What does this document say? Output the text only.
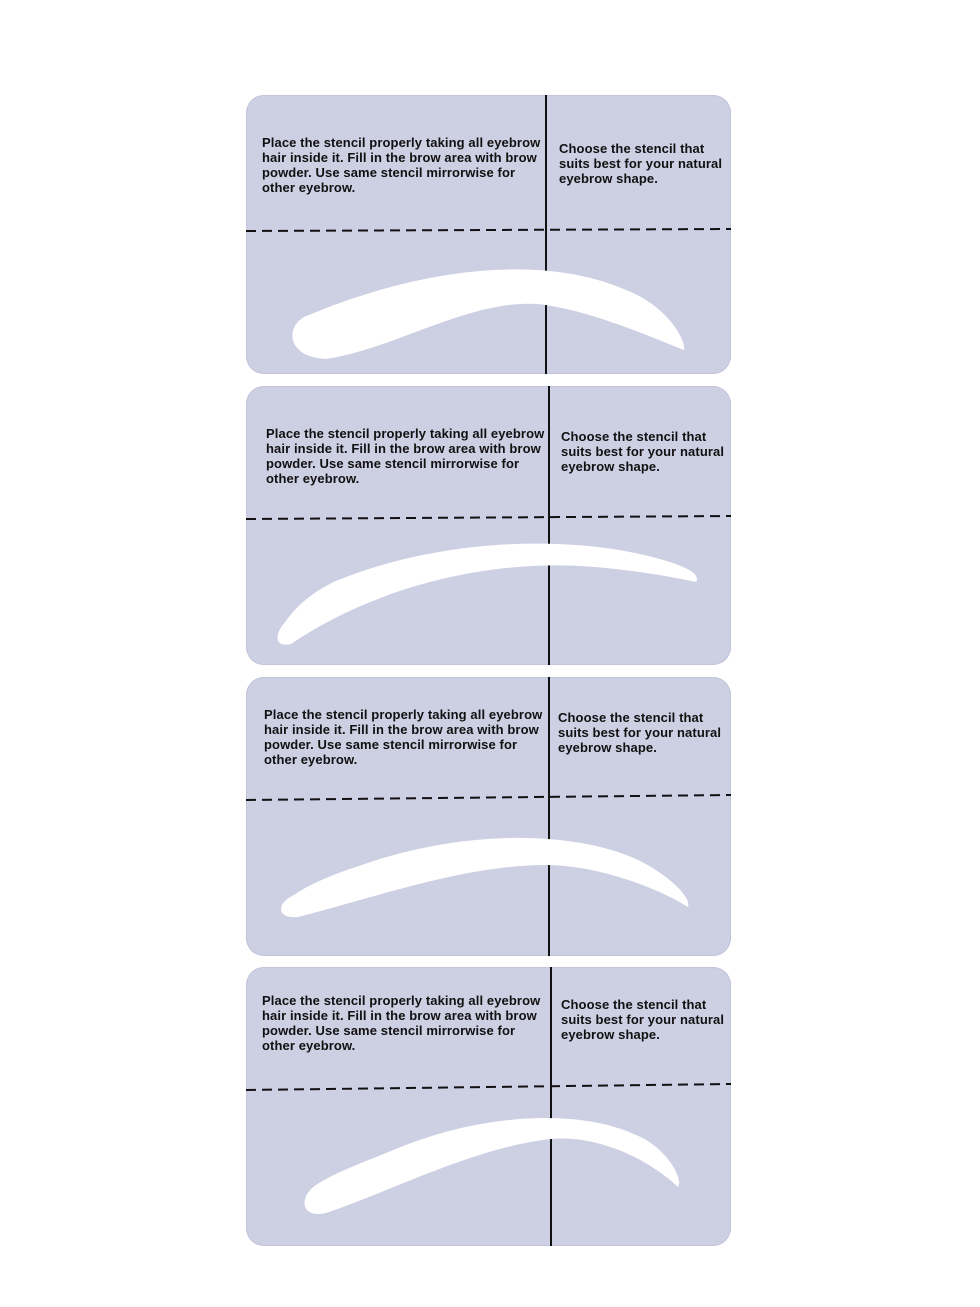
Place the stencil properly taking all eyebrow hair inside it. Fill in the brow area with brow powder. Use same stencil mirrorwise for other eyebrow.
Choose the stencil that suits best for your natural eyebrow shape.
Place the stencil properly taking all eyebrow hair inside it. Fill in the brow area with brow powder. Use same stencil mirrorwise for other eyebrow.
Choose the stencil that suits best for your natural eyebrow shape.
Place the stencil properly taking all eyebrow hair inside it. Fill in the brow area with brow powder. Use same stencil mirrorwise for other eyebrow.
Choose the stencil that suits best for your natural eyebrow shape.
Place the stencil properly taking all eyebrow hair inside it. Fill in the brow area with brow powder. Use same stencil mirrorwise for other eyebrow.
Choose the stencil that suits best for your natural eyebrow shape.
